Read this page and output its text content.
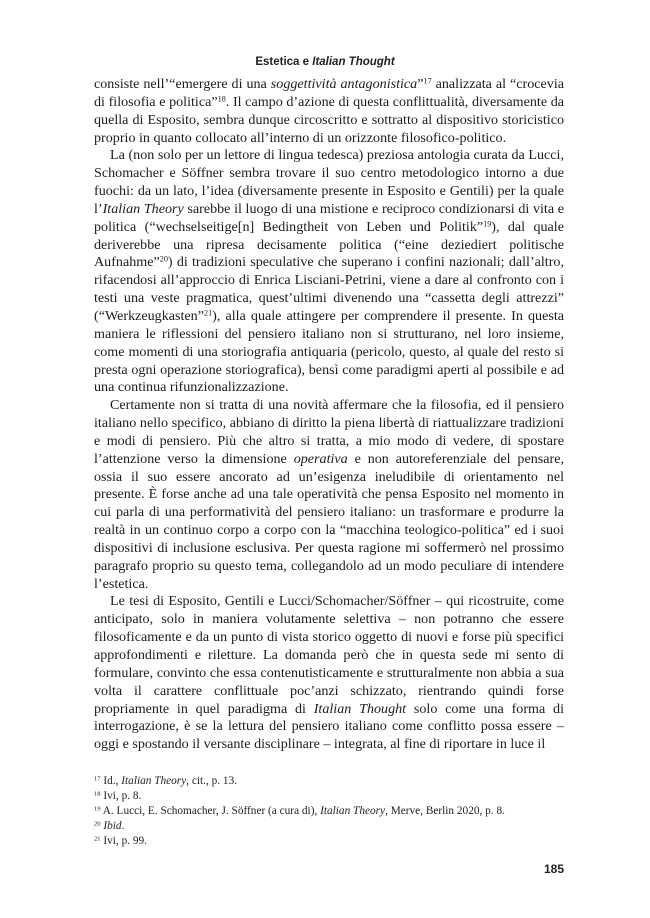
Estetica e Italian Thought

consiste nell’“emergere di una soggettività antagonistica”$^{17}$ analizzata al “crocevia di filosofia e politica”$^{18}$. Il campo d’azione di questa conflittualità, diversamente da quella di Esposito, sembra dunque circoscritto e sottratto al dispositivo storicistico proprio in quanto collocato all’interno di un orizzonte filosofico-politico.

La (non solo per un lettore di lingua tedesca) preziosa antologia curata da Lucci, Schomacher e Söffner sembra trovare il suo centro metodologico intorno a due fuochi: da un lato, l’idea (diversamente presente in Esposito e Gentili) per la quale l’Italian Theory sarebbe il luogo di una mistione e reciproco condizionarsi di vita e politica (“wechselseitige[n] Bedingtheit von Leben und Politik”$^{19}$), dal quale deriverebbe una ripresa decisamente politica (“eine deziediert politische Aufnahme”$^{20}$) di tradizioni speculative che superano i confini nazionali; dall’altro, rifacendosi all’approccio di Enrica Lisciani-Petrini, viene a dare al confronto con i testi una veste pragmatica, quest’ultimi divenendo una “cassetta degli attrezzi” (“Werkzeugkasten”$^{21}$), alla quale attingere per comprendere il presente. In questa maniera le riflessioni del pensiero italiano non si strutturano, nel loro insieme, come momenti di una storiografia antiquaria (pericolo, questo, al quale del resto si presta ogni operazione storiografica), bensì come paradigmi aperti al possibile e ad una continua rifunzionalizzazione.

Certamente non si tratta di una novità affermare che la filosofia, ed il pensiero italiano nello specifico, abbiano di diritto la piena libertà di riattualizzare tradizioni e modi di pensiero. Più che altro si tratta, a mio modo di vedere, di spostare l’attenzione verso la dimensione operativa e non autoreferenziale del pensare, ossia il suo essere ancorato ad un’esigenza ineludibile di orientamento nel presente. È forse anche ad una tale operatività che pensa Esposito nel momento in cui parla di una performatività del pensiero italiano: un trasformare e produrre la realtà in un continuo corpo a corpo con la “macchina teologico-politica” ed i suoi dispositivi di inclusione esclusiva. Per questa ragione mi soffermerò nel prossimo paragrafo proprio su questo tema, collegandolo ad un modo peculiare di intendere l’estetica.

Le tesi di Esposito, Gentili e Lucci/Schomacher/Söffner – qui ricostruite, come anticipato, solo in maniera volutamente selettiva – non potranno che essere filosoficamente e da un punto di vista storico oggetto di nuovi e forse più specifici approfondimenti e riletture. La domanda però che in questa sede mi sento di formulare, convinto che essa contenutisticamente e strutturalmente non abbia a sua volta il carattere conflittuale poc’anzi schizzato, rientrando quindi forse propriamente in quel paradigma di Italian Thought solo come una forma di interrogazione, è se la lettura del pensiero italiano come conflitto possa essere – oggi e spostando il versante disciplinare – integrata, al fine di riportare in luce il

$^{17}$ Id., Italian Theory, cit., p. 13.
$^{18}$ Ivi, p. 8.
$^{19}$ A. Lucci, E. Schomacher, J. Söffner (a cura di), Italian Theory, Merve, Berlin 2020, p. 8.
$^{20}$ Ibid.
$^{21}$ Ivi, p. 99.
185
